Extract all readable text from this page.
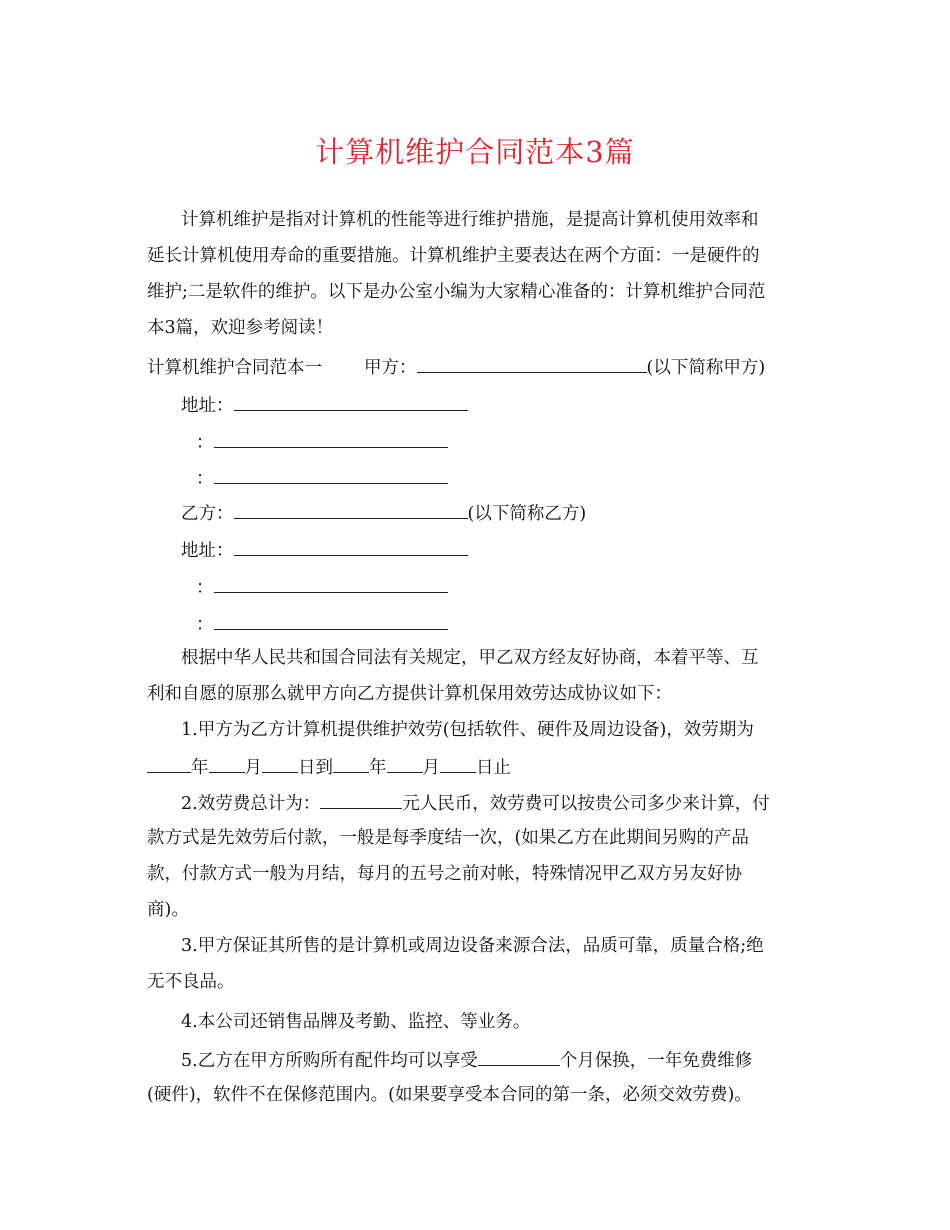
计算机维护合同范本3篇
计算机维护是指对计算机的性能等进行维护措施，是提高计算机使用效率和
延长计算机使用寿命的重要措施。计算机维护主要表达在两个方面：一是硬件的
维护;二是软件的维护。以下是办公室小编为大家精心准备的：计算机维护合同范
本3篇，欢迎参考阅读！
计算机维护合同范本一 甲方：	(以下简称甲方)
地址：
：
：
乙方：	(以下简称乙方)
地址：
：
：
根据中华人民共和国合同法有关规定，甲乙双方经友好协商，本着平等、互
利和自愿的原那么就甲方向乙方提供计算机保用效劳达成协议如下：
1.甲方为乙方计算机提供维护效劳(包括软件、硬件及周边设备)，效劳期为
年 月 日到 年 月 日止
2.效劳费总计为：	元人民币，效劳费可以按贵公司多少来计算，付
款方式是先效劳后付款，一般是每季度结一次，(如果乙方在此期间另购的产品
款，付款方式一般为月结，每月的五号之前对帐，特殊情况甲乙双方另友好协
商)。
3.甲方保证其所售的是计算机或周边设备来源合法，品质可靠，质量合格;绝
无不良品。
4.本公司还销售品牌及考勤、监控、等业务。
5.乙方在甲方所购所有配件均可以享受	个月保换，一年免费维修
(硬件)，软件不在保修范围内。(如果要享受本合同的第一条，必须交效劳费)。
